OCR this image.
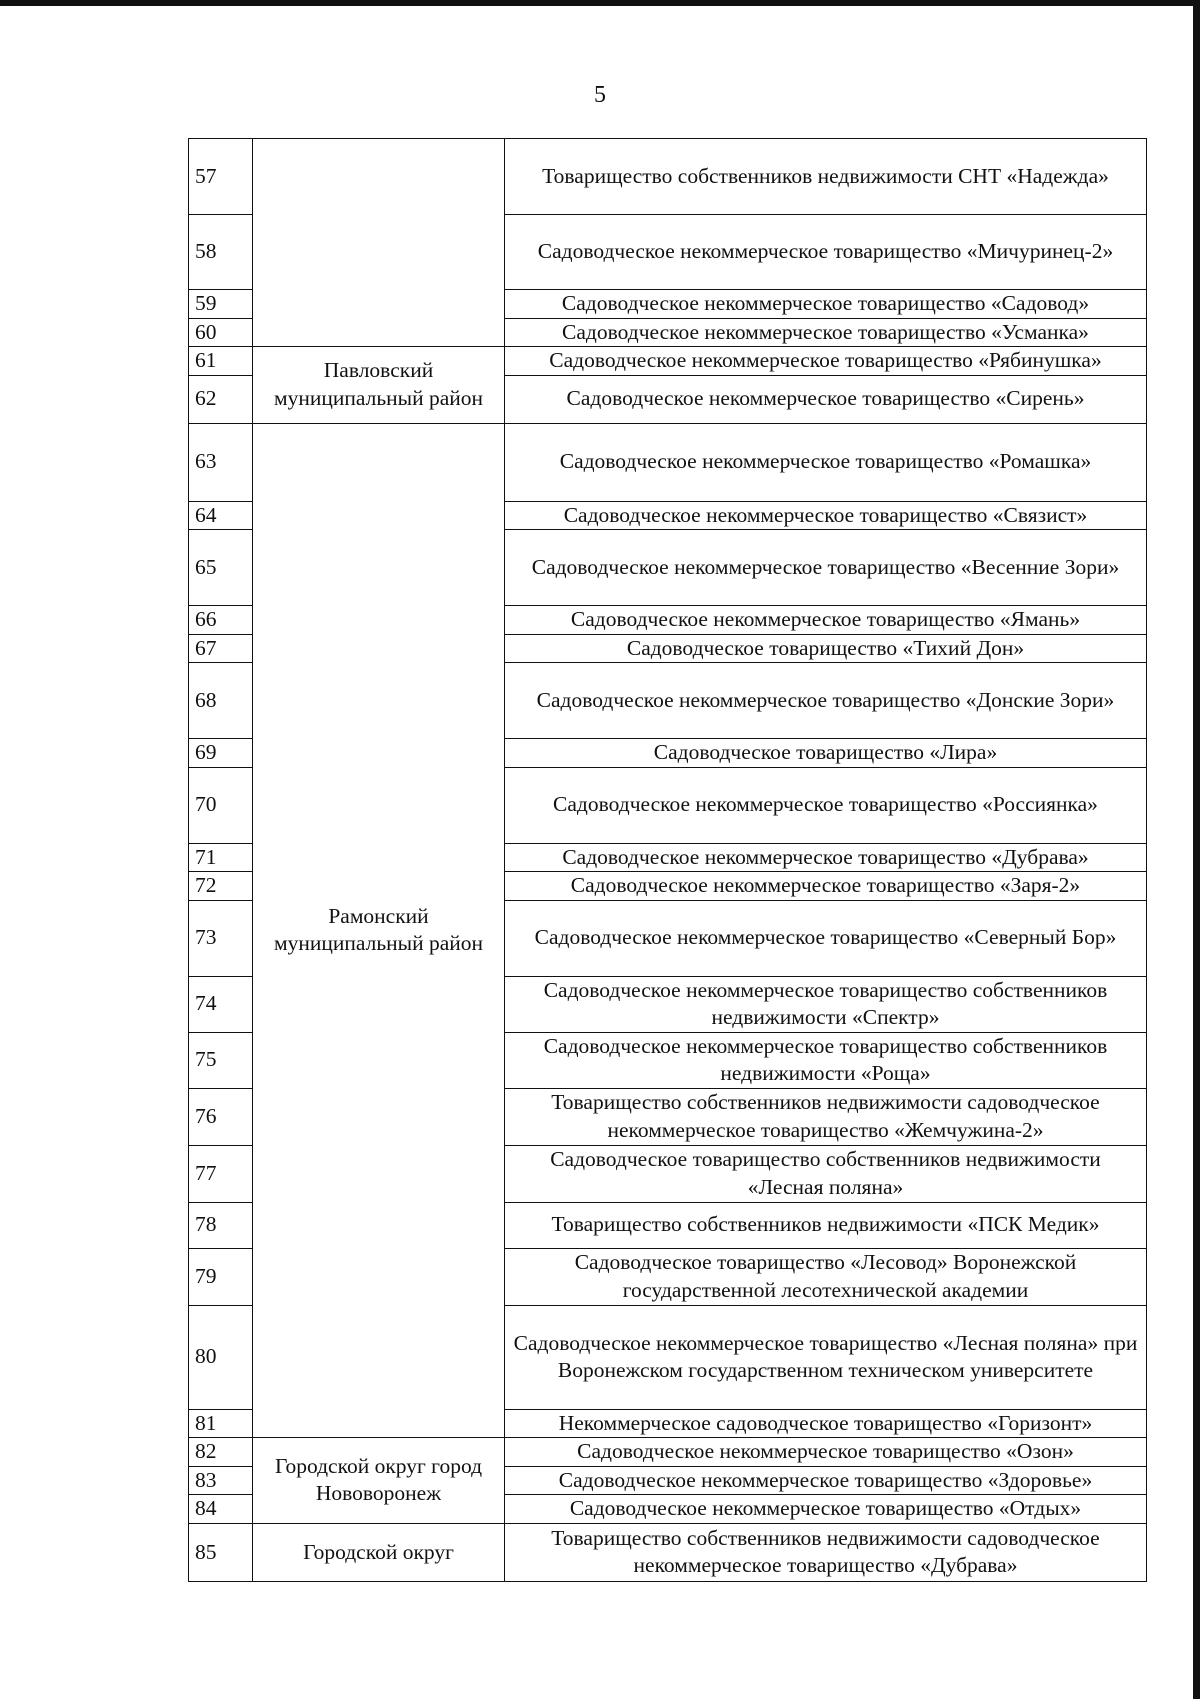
5
57		Товарищество собственников недвижимости СНТ «Надежда»
58		Садоводческое некоммерческое товарищество «Мичуринец-2»
59		Садоводческое некоммерческое товарищество «Садовод»
60		Садоводческое некоммерческое товарищество «Усманка»
61	Павловский муниципальный район	Садоводческое некоммерческое товарищество «Рябинушка»
62		Садоводческое некоммерческое товарищество «Сирень»
63	Рамонский муниципальный район	Садоводческое некоммерческое товарищество «Ромашка»
64		Садоводческое некоммерческое товарищество «Связист»
65		Садоводческое некоммерческое товарищество «Весенние Зори»
66		Садоводческое некоммерческое товарищество «Ямань»
67		Садоводческое товарищество «Тихий Дон»
68		Садоводческое некоммерческое товарищество «Донские Зори»
69		Садоводческое товарищество «Лира»
70		Садоводческое некоммерческое товарищество «Россиянка»
71		Садоводческое некоммерческое товарищество «Дубрава»
72		Садоводческое некоммерческое товарищество «Заря-2»
73		Садоводческое некоммерческое товарищество «Северный Бор»
74		Садоводческое некоммерческое товарищество собственников недвижимости «Спектр»
75		Садоводческое некоммерческое товарищество собственников недвижимости «Роща»
76		Товарищество собственников недвижимости садоводческое некоммерческое товарищество «Жемчужина-2»
77		Садоводческое товарищество собственников недвижимости «Лесная поляна»
78		Товарищество собственников недвижимости «ПСК Медик»
79		Садоводческое товарищество «Лесовод» Воронежской государственной лесотехнической академии
80		Садоводческое некоммерческое товарищество «Лесная поляна» при Воронежском государственном техническом университете
81		Некоммерческое садоводческое товарищество «Горизонт»
82	Городской округ город Нововоронеж	Садоводческое некоммерческое товарищество «Озон»
83		Садоводческое некоммерческое товарищество «Здоровье»
84		Садоводческое некоммерческое товарищество «Отдых»
85	Городской округ	Товарищество собственников недвижимости садоводческое некоммерческое товарищество «Дубрава»
